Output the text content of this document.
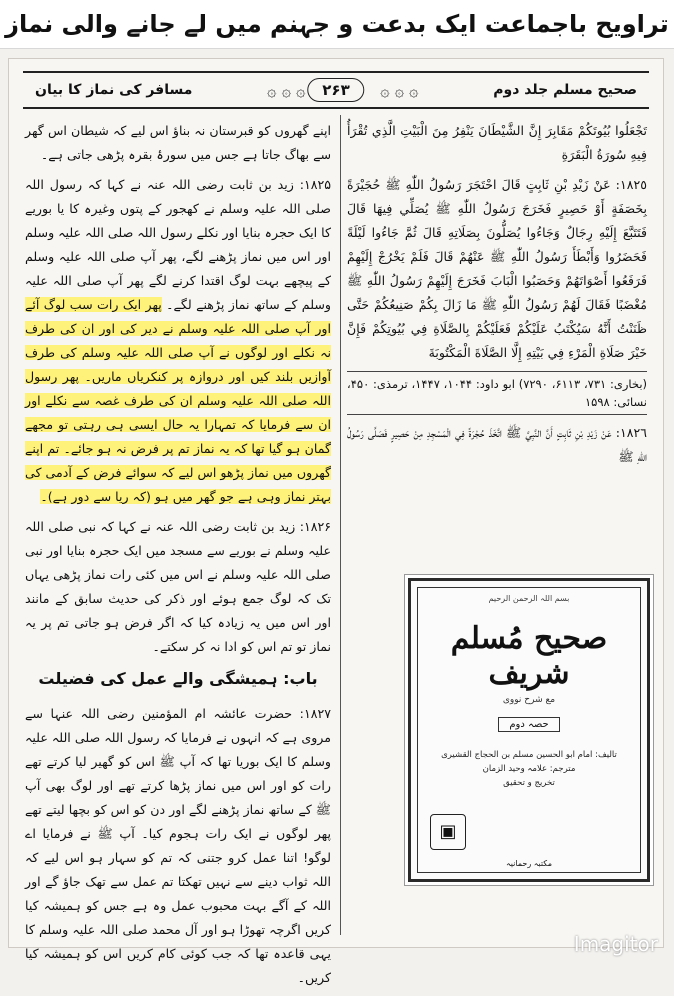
تراویح باجماعت ایک بدعت و جہنم میں لے جانے والی نماز
مسافر کی نماز کا بیان	۞ ۞ ۞	۞ ۞ ۞	صحیح مسلم جلد دوم
۲۶۳

تَجْعَلُوا بُيُوتَكُمْ مَقَابِرَ إِنَّ الشَّيْطَانَ يَنْفِرُ مِنَ الْبَيْتِ الَّذِي تُقْرَأُ فِيهِ سُورَةُ الْبَقَرَةِ

١٨٢٥: عَنْ زَيْدِ بْنِ ثَابِتٍ قَالَ احْتَجَرَ رَسُولُ اللّٰهِ ﷺ حُجَيْرَةً بِخَصَفَةٍ أَوْ حَصِيرٍ فَخَرَجَ رَسُولُ اللّٰهِ ﷺ يُصَلِّي فِيهَا قَالَ فَتَتَبَّعَ إِلَيْهِ رِجَالٌ وَجَاءُوا يُصَلُّونَ بِصَلَاتِهِ قَالَ ثُمَّ جَاءُوا لَيْلَةً فَحَضَرُوا وَأَبْطَأَ رَسُولُ اللّٰهِ ﷺ عَنْهُمْ قَالَ فَلَمْ يَخْرُجْ إِلَيْهِمْ فَرَفَعُوا أَصْوَاتَهُمْ وَحَصَبُوا الْبَابَ فَخَرَجَ إِلَيْهِمْ رَسُولُ اللّٰهِ ﷺ مُغْضَبًا فَقَالَ لَهُمْ رَسُولُ اللّٰهِ ﷺ مَا زَالَ بِكُمْ صَنِيعُكُمْ حَتَّى ظَنَنْتُ أَنَّهُ سَيُكْتَبُ عَلَيْكُمْ فَعَلَيْكُمْ بِالصَّلَاةِ فِي بُيُوتِكُمْ فَإِنَّ خَيْرَ صَلَاةِ الْمَرْءِ فِي بَيْتِهِ إِلَّا الصَّلَاةَ الْمَكْتُوبَةَ

(بخاری: ۷۳۱، ۶۱۱۳، ۷۲۹۰) ابو داود: ۱۰۴۴، ۱۴۴۷، ترمذی: ۴۵۰، نسائی: ۱۵۹۸

١٨٢٦: عَنْ زَيْدِ بْنِ ثَابِتٍ أَنَّ النَّبِيَّ ﷺ اتَّخَذَ حُجْرَةً فِي الْمَسْجِدِ مِنْ حَصِيرٍ فَصَلَّى رَسُولُ اللّٰهِ ﷺ

اپنے گھروں کو قبرستان نہ بناؤ اس لیے کہ شیطان اس گھر سے بھاگ جاتا ہے جس میں سورۂ بقرہ پڑھی جاتی ہے۔

۱۸۲۵: زید بن ثابت رضی اللہ عنہ نے کہا کہ رسول اللہ صلی اللہ علیہ وسلم نے کھجور کے پتوں وغیرہ کا یا بوریے کا ایک حجرہ بنایا اور نکلے رسول اللہ صلی اللہ علیہ وسلم اور اس میں نماز پڑھنے لگے، پھر آپ صلی اللہ علیہ وسلم کے پیچھے بہت لوگ اقتدا کرنے لگے پھر آپ صلی اللہ علیہ وسلم کے ساتھ نماز پڑھنے لگے۔ پھر ایک رات سب لوگ آئے اور آپ صلی اللہ علیہ وسلم نے دیر کی اور ان کی طرف نہ نکلے اور لوگوں نے آپ صلی اللہ علیہ وسلم کی طرف آوازیں بلند کیں اور دروازہ پر کنکریاں ماریں۔ پھر رسول اللہ صلی اللہ علیہ وسلم ان کی طرف غصہ سے نکلے اور ان سے فرمایا کہ تمہارا یہ حال ایسی ہی رہتی تو مجھے گمان ہو گیا تھا کہ یہ نماز تم پر فرض نہ ہو جائے۔ تم اپنے گھروں میں نماز پڑھو اس لیے کہ سوائے فرض کے آدمی کی بہتر نماز وہی ہے جو گھر میں ہو (کہ ریا سے دور ہے)۔

۱۸۲۶: زید بن ثابت رضی اللہ عنہ نے کہا کہ نبی صلی اللہ علیہ وسلم نے بوریے سے مسجد میں ایک حجرہ بنایا اور نبی صلی اللہ علیہ وسلم نے اس میں کئی رات نماز پڑھی یہاں تک کہ لوگ جمع ہوئے اور ذکر کی حدیث سابق کے مانند اور اس میں یہ زیادہ کیا کہ اگر فرض ہو جاتی تم پر یہ نماز تو تم اس کو ادا نہ کر سکتے۔

باب: ہمیشگی والے عمل کی فضیلت

۱۸۲۷: حضرت عائشہ ام المؤمنین رضی اللہ عنہا سے مروی ہے کہ انہوں نے فرمایا کہ رسول اللہ صلی اللہ علیہ وسلم کا ایک بوریا تھا کہ آپ ﷺ اس کو گھیر لیا کرتے تھے رات کو اور اس میں نماز پڑھا کرتے تھے اور لوگ بھی آپ ﷺ کے ساتھ نماز پڑھنے لگے اور دن کو اس کو بچھا لیتے تھے پھر لوگوں نے ایک رات ہجوم کیا۔ آپ ﷺ نے فرمایا اے لوگو! اتنا عمل کرو جتنی کہ تم کو سہار ہو اس لیے کہ اللہ ثواب دینے سے نہیں تھکتا تم عمل سے تھک جاؤ گے اور اللہ کے آگے بہت محبوب عمل وہ ہے جس کو ہمیشہ کیا کریں اگرچہ تھوڑا ہو اور آل محمد صلی اللہ علیہ وسلم کا یہی قاعدہ تھا کہ جب کوئی کام کریں اس کو ہمیشہ کیا کریں۔

بسم اللہ الرحمن الرحیم
صحیح مُسلم شریف
مع شرح نووی
حصہ دوم
تالیف: امام ابو الحسین مسلم بن الحجاج القشیری
مترجم: علامہ وحید الزمان
تخریج و تحقیق
▣
مکتبہ رحمانیہ
Imagitor
